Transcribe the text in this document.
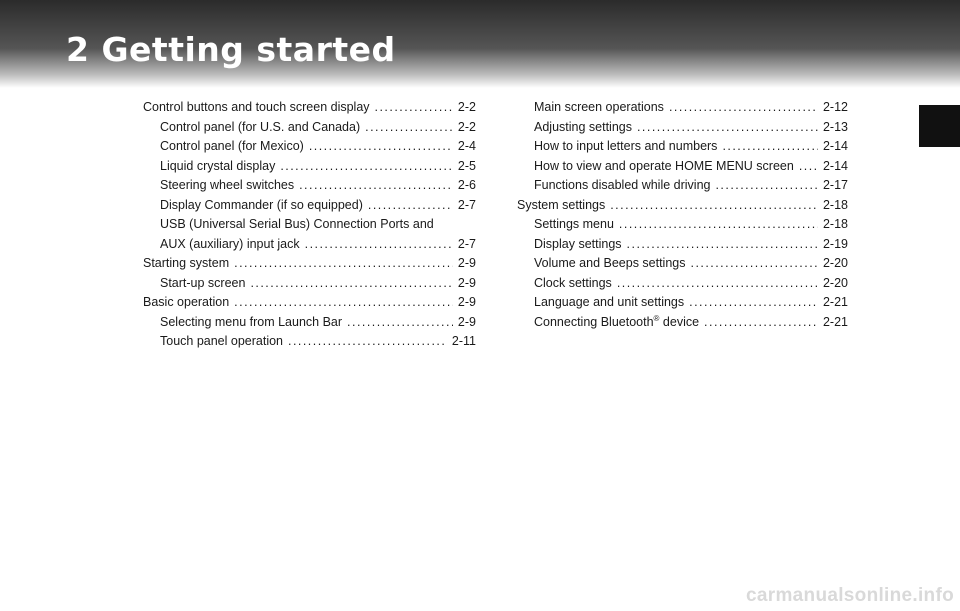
2 Getting started
Control buttons and touch screen display . . .	2-2
Control panel (for U.S. and Canada) . . .	2-2
Control panel (for Mexico) . . .	2-4
Liquid crystal display . . .	2-5
Steering wheel switches . . .	2-6
Display Commander (if so equipped) . . .	2-7
USB (Universal Serial Bus) Connection Ports and
AUX (auxiliary) input jack . . .	2-7
Starting system . . .	2-9
Start-up screen . . .	2-9
Basic operation . . .	2-9
Selecting menu from Launch Bar . . .	2-9
Touch panel operation . . .	2-11
Main screen operations . . .	2-12
Adjusting settings . . .	2-13
How to input letters and numbers . . .	2-14
How to view and operate HOME MENU screen . . . 2-14
Functions disabled while driving . . .	2-17
System settings . . .	2-18
Settings menu . . .	2-18
Display settings . . .	2-19
Volume and Beeps settings . . .	2-20
Clock settings . . .	2-20
Language and unit settings . . .	2-21
Connecting Bluetooth® device . . .	2-21
carmanualsonline.info
